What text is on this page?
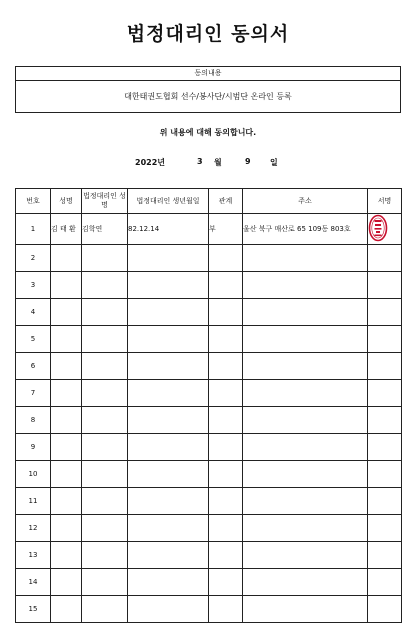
법정대리인 동의서
동의내용
대한태권도협회 선수/봉사단/시범단 온라인 등록
위 내용에 대해 동의합니다.
2022년	3 월	9 일
번호	성명	법정대리인 성명	법정대리인 생년월일	관계	주소	서명
1	김 태 환	김학연	82.12.14	부	울산 북구 매산로 65 109동 803호	
2						
3						
4						
5						
6						
7						
8						
9						
10						
11						
12						
13						
14						
15						
